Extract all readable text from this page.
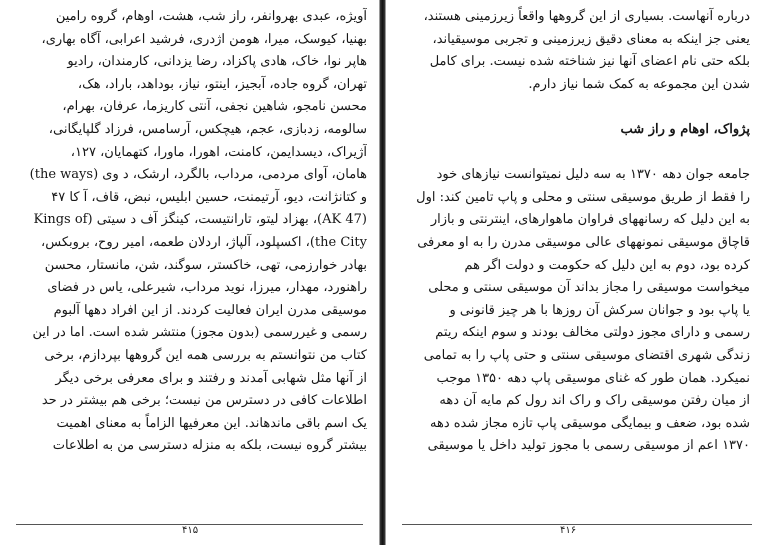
آویژه، عبدی بهروانفر، راز شب، هشت، اوهام، گروه رامین
بهنیا، کیوسک، میرا، هومن اژدری، فرشید اعرابی، آگاه بهاری،
هاپر نوا، خاک، هادی پاکزاد، رضا یزدانی، کارمندان، رادیو
تهران، گروه جاده، آبجیز، اینتو، نیاز، بوداهد، باراد، هک،
محسن نامجو، شاهین نجفی، آنتی کاریزما، عرفان، بهرام،
سالومه، زدبازی، عجم، هیچکس، آرسامس، فرزاد گلپایگانی،
آژیراک، دیسدایمن، کامنت، اهورا، ماورا، کتهمایان، ۱۲۷،
هامان، آوای مردمی، مرداب، بالگرد، ارشک، د وی (the ways)
و کتانژانت، دیو، آرتیمنت، حسین ابلیس، نبض، قاف، آ کا ۴۷
(AK 47)، بهزاد لیتو، تارانتیست، کینگز آف د سیتی (Kings of
the City)، اکسپلود، آلپاژ، اردلان طعمه، امیر روح، بروبکس،
بهادر خوارزمی، تهی، خاکستر، سوگند، شن، مانستار، محسن
راهنورد، مهدار، میرزا، نوید مرداب، شیرعلی، یاس در فضای
موسیقی مدرن ایران فعالیت کردند. از این افراد دهها آلبوم
رسمی و غیررسمی (بدون مجوز) منتشر شده است. اما در این
کتاب من نتوانستم به بررسی همه این گروهها بپردازم، برخی
از آنها مثل شهابی آمدند و رفتند و برای معرفی برخی دیگر
اطلاعات کافی در دسترس من نیست؛ برخی هم بیشتر در حد
یک اسم باقی ماندهاند. این معرفیها الزاماً به معنای اهمیت
بیشتر گروه نیست، بلکه به منزله دسترسی من به اطلاعات
۴۱۵
درباره آنهاست. بسیاری از این گروهها واقعاً زیرزمینی هستند،
یعنی جز اینکه به معنای دقیق زیرزمینی و تجربی موسیقیاند،
بلکه حتی نام اعضای آنها نیز شناخته شده نیست. برای کامل
شدن این مجموعه به کمک شما نیاز دارم.
پژواک، اوهام و راز شب
جامعه جوان دهه ۱۳۷۰ به سه دلیل نمیتوانست نیازهای خود
را فقط از طریق موسیقی سنتی و محلی و پاپ تامین کند: اول
به این دلیل که رسانههای فراوان ماهوارهای، اینترنتی و بازار
قاچاق موسیقی نمونههای عالی موسیقی مدرن را به او معرفی
کرده بود، دوم به این دلیل که حکومت و دولت اگر هم
میخواست موسیقی را مجاز بداند آن موسیقی سنتی و محلی
یا پاپ بود و جوانان سرکش آن روزها با هر چیز قانونی و
رسمی و دارای مجوز دولتی مخالف بودند و سوم اینکه ریتم
زندگی شهری اقتضای موسیقی سنتی و حتی پاپ را به تمامی
نمیکرد. همان طور که غنای موسیقی پاپ دهه ۱۳۵۰ موجب
از میان رفتن موسیقی راک و راک اند رول کم مایه آن دهه
شده بود، ضعف و بیمایگی موسیقی پاپ تازه مجاز شده دهه
۱۳۷۰ اعم از موسیقی رسمی با مجوز تولید داخل یا موسیقی
۴۱۶
